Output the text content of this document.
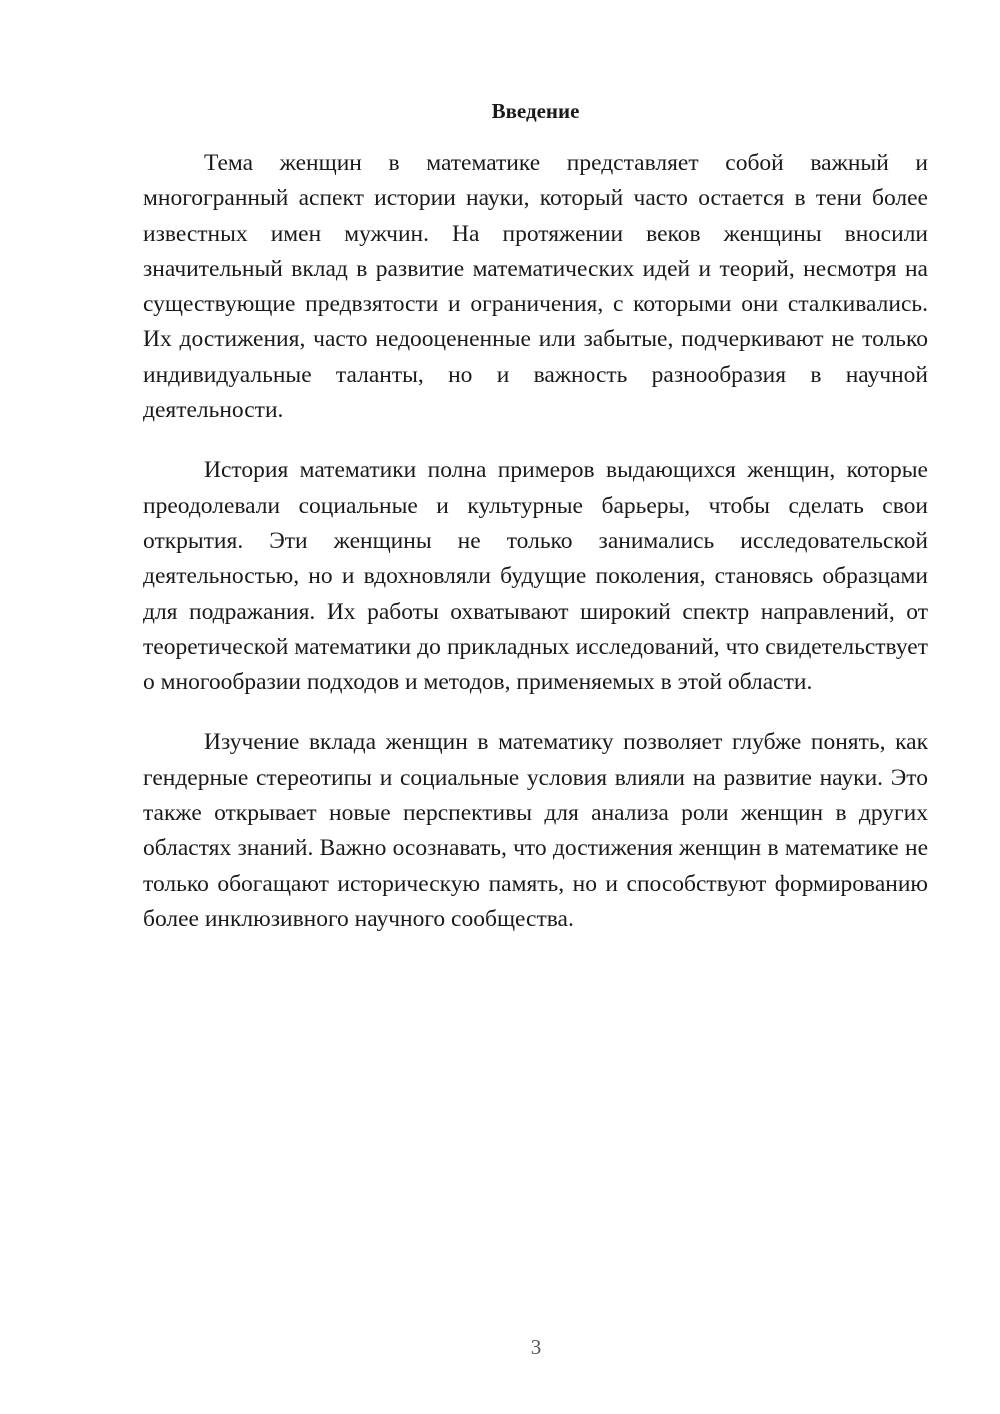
Введение

Тема женщин в математике представляет собой важный и многогранный аспект истории науки, который часто остается в тени более известных имен мужчин. На протяжении веков женщины вносили значительный вклад в развитие математических идей и теорий, несмотря на существующие предвзятости и ограничения, с которыми они сталкивались. Их достижения, часто недооцененные или забытые, подчеркивают не только индивидуальные таланты, но и важность разнообразия в научной деятельности.

История математики полна примеров выдающихся женщин, которые преодолевали социальные и культурные барьеры, чтобы сделать свои открытия. Эти женщины не только занимались исследовательской деятельностью, но и вдохновляли будущие поколения, становясь образцами для подражания. Их работы охватывают широкий спектр направлений, от теоретической математики до прикладных исследований, что свидетельствует о многообразии подходов и методов, применяемых в этой области.

Изучение вклада женщин в математику позволяет глубже понять, как гендерные стереотипы и социальные условия влияли на развитие науки. Это также открывает новые перспективы для анализа роли женщин в других областях знаний. Важно осознавать, что достижения женщин в математике не только обогащают историческую память, но и способствуют формированию более инклюзивного научного сообщества.

3
